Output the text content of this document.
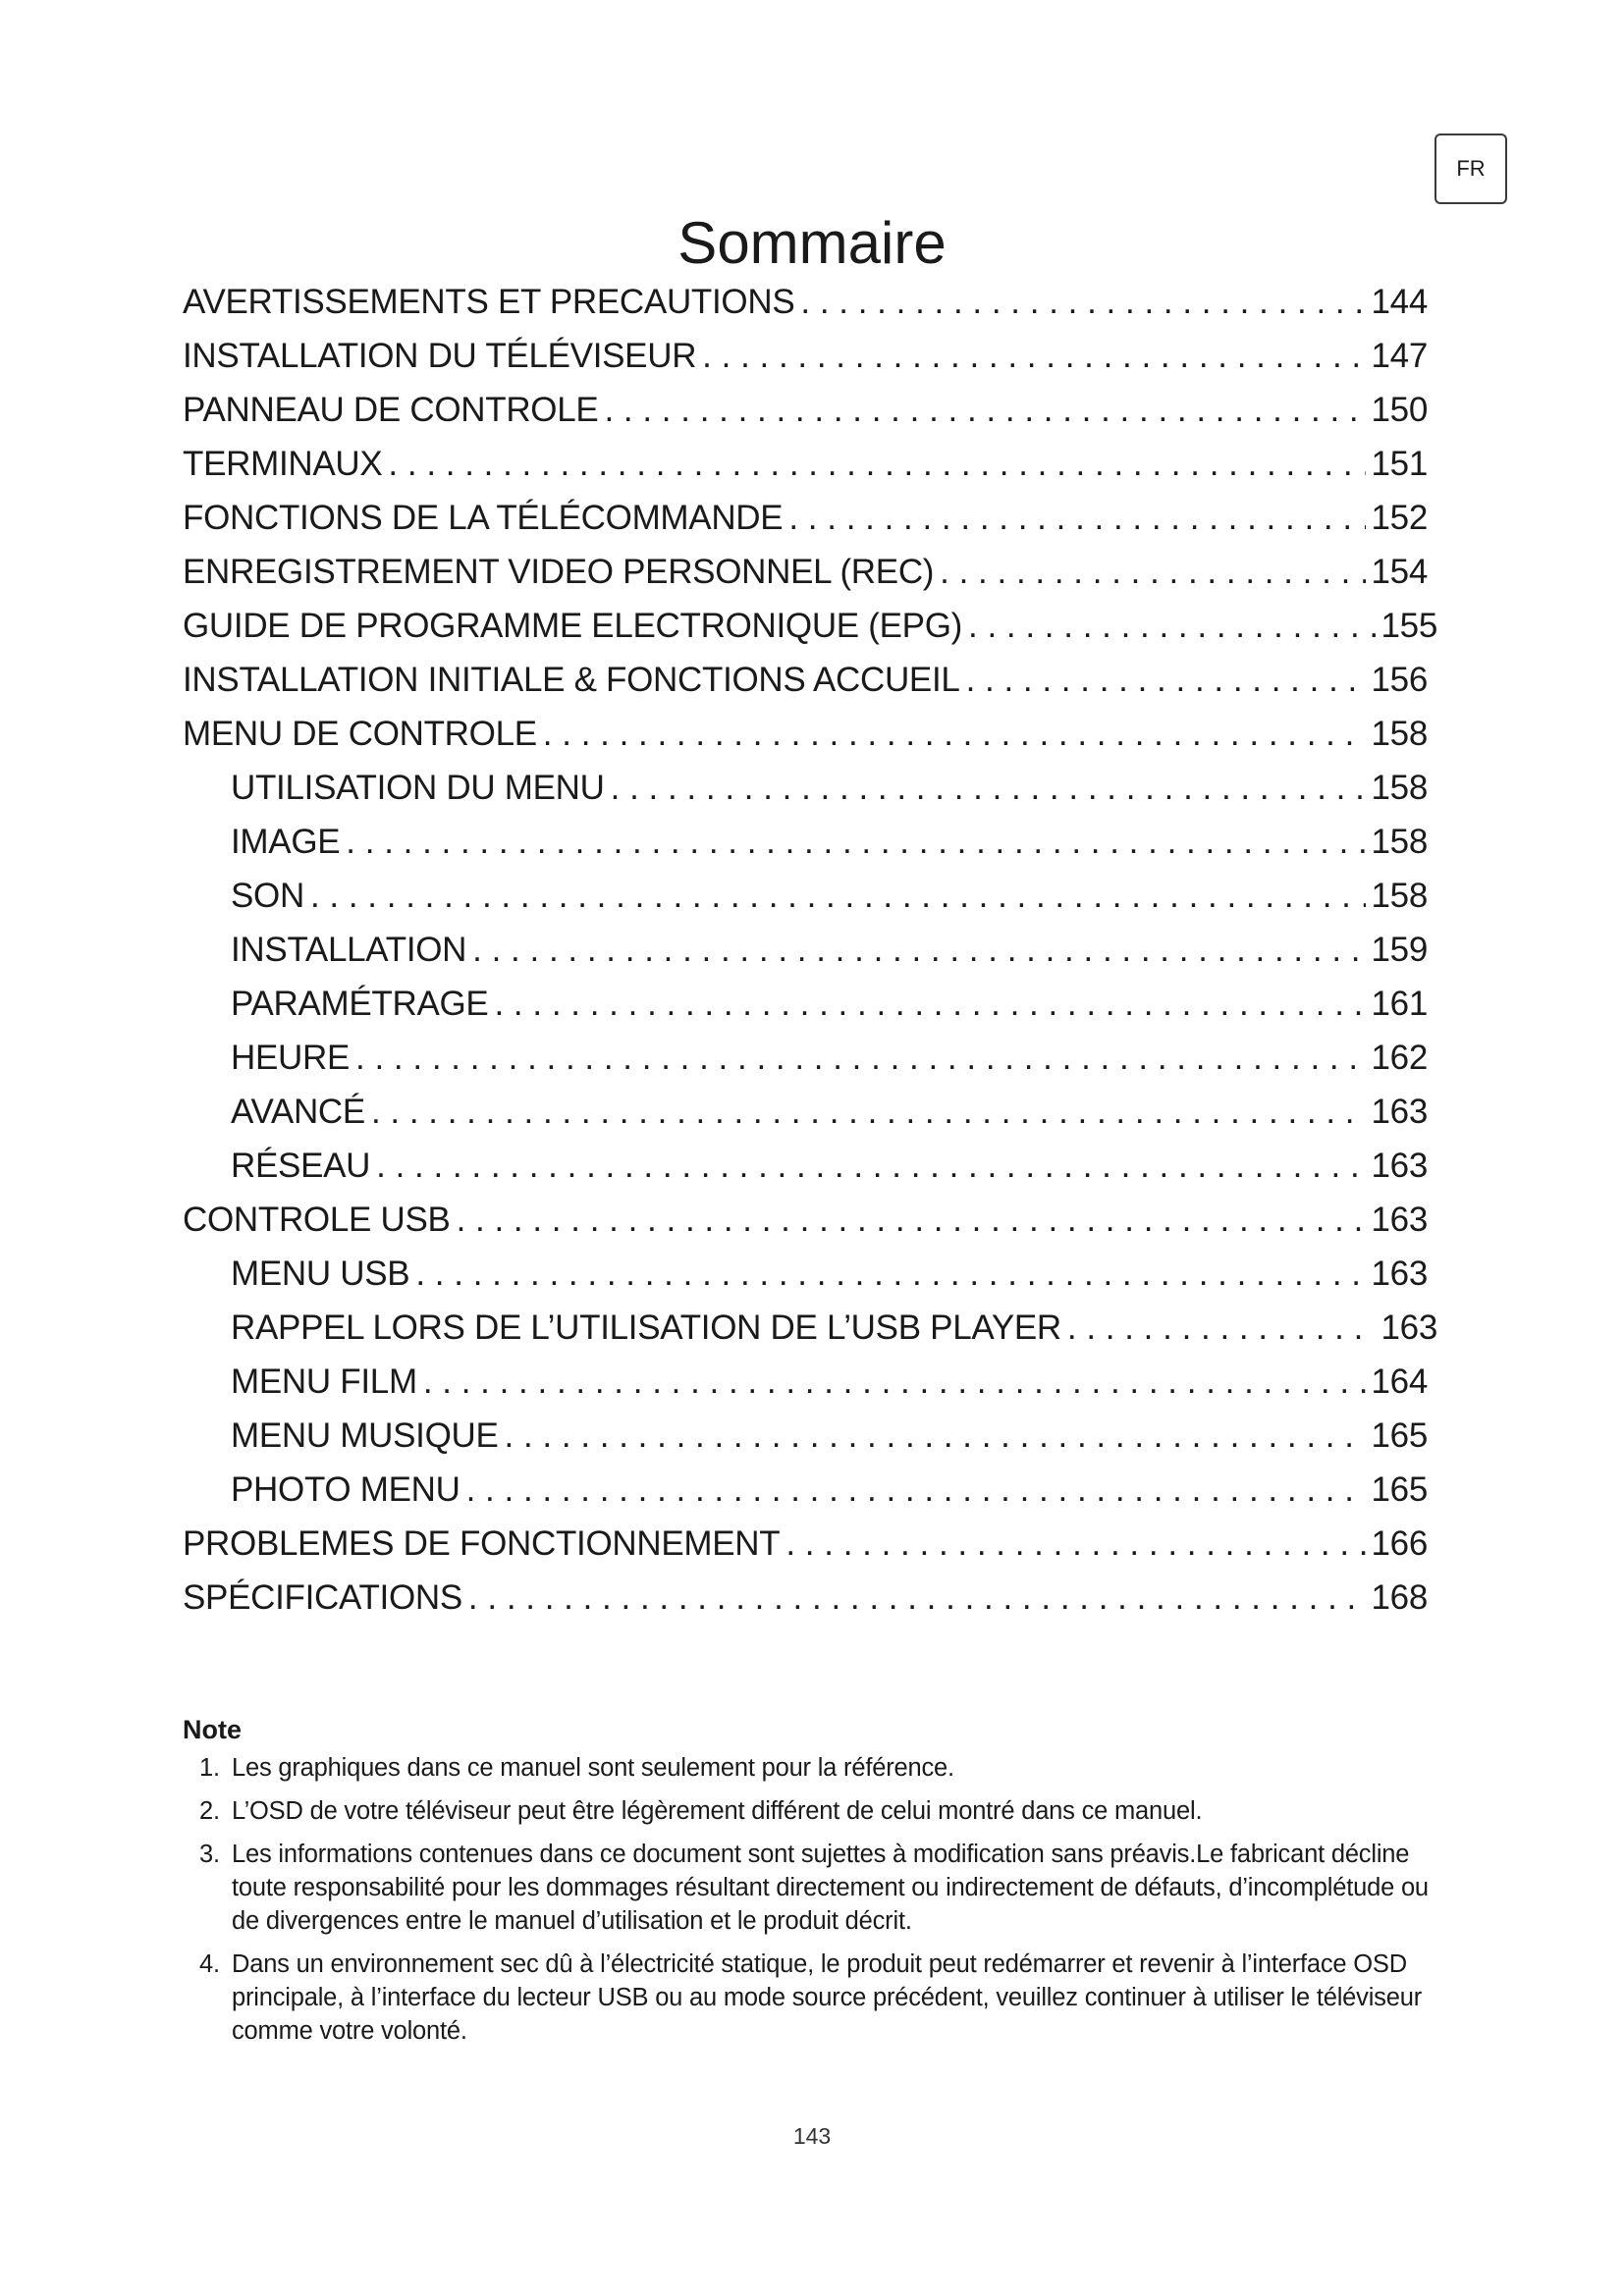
FR
Sommaire
AVERTISSEMENTS ET PRECAUTIONS . . .	144
INSTALLATION DU TÉLÉVISEUR . . .	147
PANNEAU DE CONTROLE . . .	150
TERMINAUX . . .	151
FONCTIONS DE LA TÉLÉCOMMANDE . . .	152
ENREGISTREMENT VIDEO PERSONNEL (REC) . . .	154
GUIDE DE PROGRAMME ELECTRONIQUE (EPG) . . .	155
INSTALLATION INITIALE & FONCTIONS ACCUEIL . . .	156
MENU DE CONTROLE . . .	158
UTILISATION DU MENU . . .	158
IMAGE . . .	158
SON . . .	158
INSTALLATION . . .	159
PARAMÉTRAGE . . .	161
HEURE . . .	162
AVANCÉ . . .	163
RÉSEAU . . .	163
CONTROLE USB . . .	163
MENU USB . . .	163
RAPPEL LORS DE L’UTILISATION DE L’USB PLAYER . . .	163
MENU FILM . . .	164
MENU MUSIQUE . . .	165
PHOTO MENU . . .	165
PROBLEMES DE FONCTIONNEMENT . . .	166
SPÉCIFICATIONS . . .	168
Note
1. Les graphiques dans ce manuel sont seulement pour la référence.
2. L’OSD de votre téléviseur peut être légèrement différent de celui montré dans ce manuel.
3. Les informations contenues dans ce document sont sujettes à modification sans préavis.Le fabricant décline toute responsabilité pour les dommages résultant directement ou indirectement de défauts, d’incomplétude ou de divergences entre le manuel d’utilisation et le produit décrit.
4. Dans un environnement sec dû à l’électricité statique, le produit peut redémarrer et revenir à l’interface OSD principale, à l’interface du lecteur USB ou au mode source précédent, veuillez continuer à utiliser le téléviseur comme votre volonté.
143
